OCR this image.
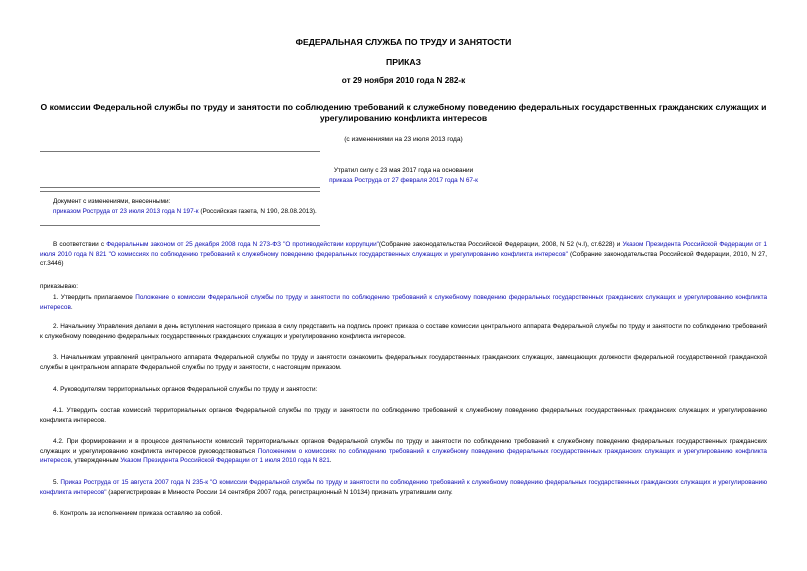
ФЕДЕРАЛЬНАЯ СЛУЖБА ПО ТРУДУ И ЗАНЯТОСТИ
ПРИКАЗ
от 29 ноября 2010 года N 282-к
О комиссии Федеральной службы по труду и занятости по соблюдению требований к служебному поведению федеральных государственных гражданских служащих и урегулированию конфликта интересов
(с изменениями на 23 июля 2013 года)
Утратил силу с 23 мая 2017 года на основании
приказа Роструда от 27 февраля 2017 года N 67-к
Документ с изменениями, внесенными:
приказом Роструда от 23 июля 2013 года N 197-к (Российская газета, N 190, 28.08.2013).
В соответствии с Федеральным законом от 25 декабря 2008 года N 273-ФЗ "О противодействии коррупции"(Собрание законодательства Российской Федерации, 2008, N 52 (ч.I), ст.6228) и Указом Президента Российской Федерации от 1 июля 2010 года N 821 "О комиссиях по соблюдению требований к служебному поведению федеральных государственных служащих и урегулированию конфликта интересов" (Собрание законодательства Российской Федерации, 2010, N 27, ст.3446)
приказываю:
1. Утвердить прилагаемое Положение о комиссии Федеральной службы по труду и занятости по соблюдению требований к служебному поведению федеральных государственных гражданских служащих и урегулированию конфликта интересов.
2. Начальнику Управления делами в день вступления настоящего приказа в силу представить на подпись проект приказа о составе комиссии центрального аппарата Федеральной службы по труду и занятости по соблюдению требований к служебному поведению федеральных государственных гражданских служащих и урегулированию конфликта интересов.
3. Начальникам управлений центрального аппарата Федеральной службы по труду и занятости ознакомить федеральных государственных гражданских служащих, замещающих должности федеральной государственной гражданской службы в центральном аппарате Федеральной службы по труду и занятости, с настоящим приказом.
4. Руководителям территориальных органов Федеральной службы по труду и занятости:
4.1. Утвердить состав комиссий территориальных органов Федеральной службы по труду и занятости по соблюдению требований к служебному поведению федеральных государственных гражданских служащих и урегулированию конфликта интересов.
4.2. При формировании и в процессе деятельности комиссий территориальных органов Федеральной службы по труду и занятости по соблюдению требований к служебному поведению федеральных государственных гражданских служащих и урегулированию конфликта интересов руководствоваться Положением о комиссиях по соблюдению требований к служебному поведению федеральных государственных гражданских служащих и урегулированию конфликта интересов, утвержденным Указом Президента Российской Федерации от 1 июля 2010 года N 821.
5. Приказ Роструда от 15 августа 2007 года N 235-к "О комиссии Федеральной службы по труду и занятости по соблюдению требований к служебному поведению федеральных государственных гражданских служащих и урегулированию конфликта интересов" (зарегистрирован в Минюсте России 14 сентября 2007 года, регистрационный N 10134) признать утратившим силу.
6. Контроль за исполнением приказа оставляю за собой.
